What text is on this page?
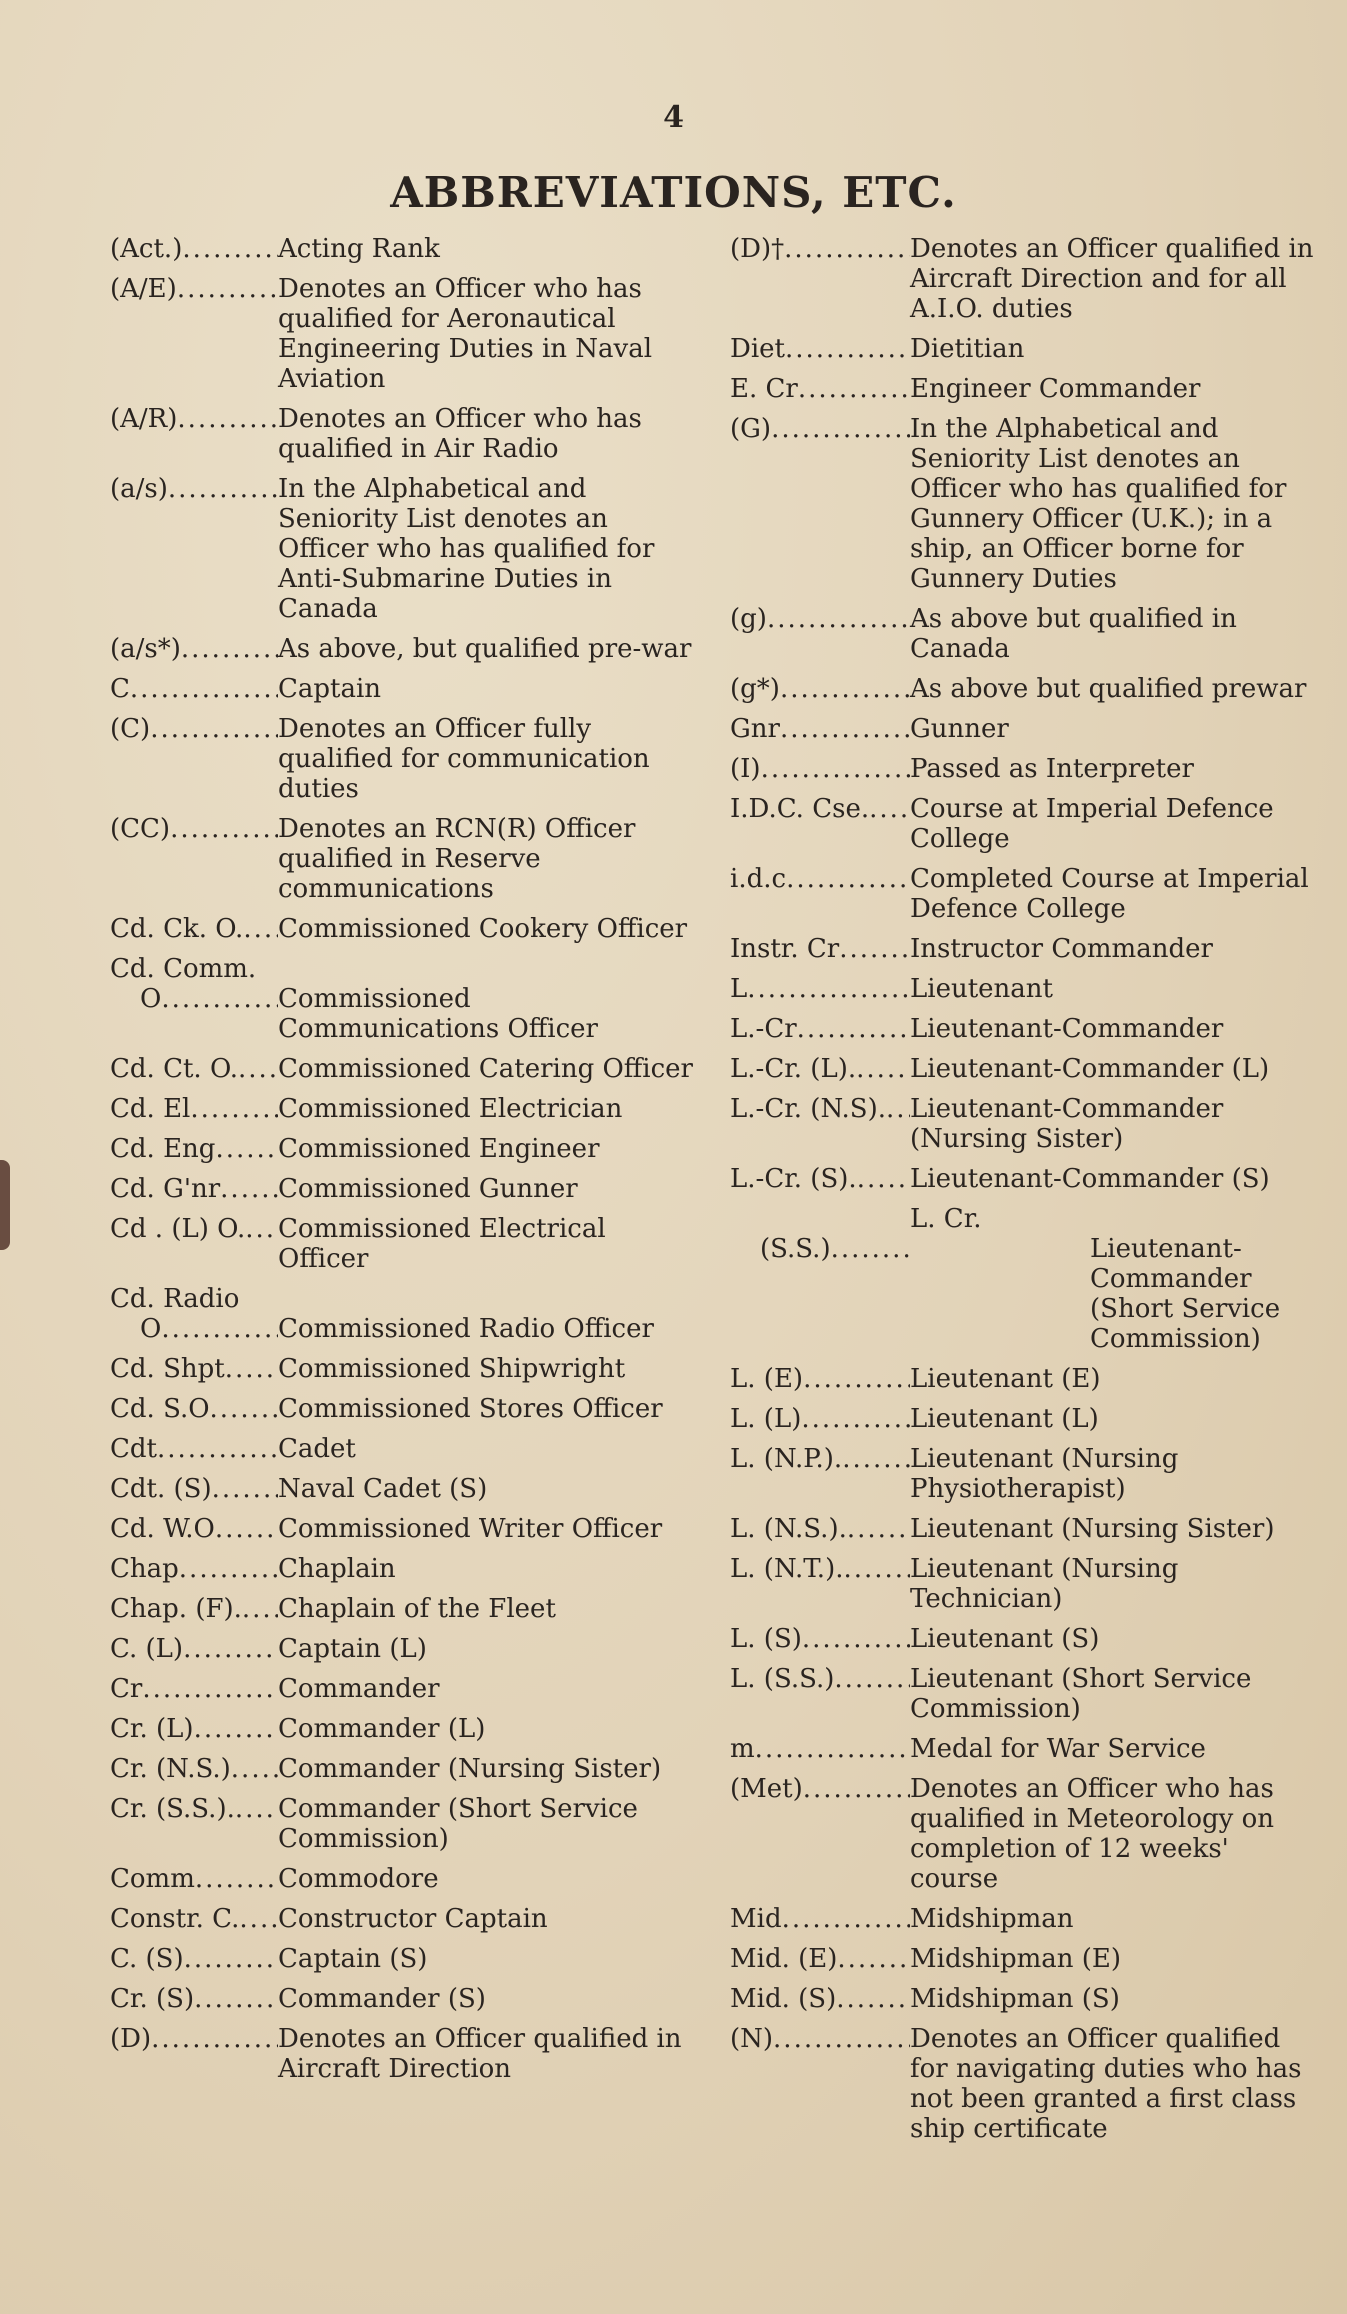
4
ABBREVIATIONS, ETC.
(Act.) .....	Acting Rank
(A/E) .....	Denotes an Officer who has qualified for Aeronautical Engineering Duties in Naval Aviation
(A/R) .....	Denotes an Officer who has qualified in Air Radio
(a/s) .....	In the Alphabetical and Seniority List denotes an Officer who has qualified for Anti-Submarine Duties in Canada
(a/s*) .....	As above, but qualified pre-war
C .....	Captain
(C) .....	Denotes an Officer fully qualified for communication duties
(CC) .....	Denotes an RCN(R) Officer qualified in Reserve communications
Cd. Ck. O. .....	Commissioned Cookery Officer
Cd. Comm.
O .....	Commissioned Communications Officer
Cd. Ct. O. .....	Commissioned Catering Officer
Cd. El .....	Commissioned Electrician
Cd. Eng .....	Commissioned Engineer
Cd. G'nr .....	Commissioned Gunner
Cd . (L) O. .....	Commissioned Electrical Officer
Cd. Radio
O .....	Commissioned Radio Officer
Cd. Shpt .....	Commissioned Shipwright
Cd. S.O .....	Commissioned Stores Officer
Cdt .....	Cadet
Cdt. (S) .....	Naval Cadet (S)
Cd. W.O .....	Commissioned Writer Officer
Chap .....	Chaplain
Chap. (F). .....	Chaplain of the Fleet
C. (L) .....	Captain (L)
Cr .....	Commander
Cr. (L) .....	Commander (L)
Cr. (N.S.) .....	Commander (Nursing Sister)
Cr. (S.S.). .....	Commander (Short Service Commission)
Comm .....	Commodore
Constr. C. .....	Constructor Captain
C. (S) .....	Captain (S)
Cr. (S) .....	Commander (S)
(D) .....	Denotes an Officer qualified in Aircraft Direction
(D)† .....	Denotes an Officer qualified in Aircraft Direction and for all A.I.O. duties
Diet .....	Dietitian
E. Cr .....	Engineer Commander
(G) .....	In the Alphabetical and Seniority List denotes an Officer who has qualified for Gunnery Officer (U.K.); in a ship, an Officer borne for Gunnery Duties
(g) .....	As above but qualified in Canada
(g*) .....	As above but qualified prewar
Gnr .....	Gunner
(I) .....	Passed as Interpreter
I.D.C. Cse. .....	Course at Imperial Defence College
i.d.c .....	Completed Course at Imperial Defence College
Instr. Cr .....	Instructor Commander
L .....	Lieutenant
L.-Cr .....	Lieutenant-Commander
L.-Cr. (L). .....	Lieutenant-Commander (L)
L.-Cr. (N.S). ..... Lieutenant-Commander (Nursing Sister)
L.-Cr. (S). .....	Lieutenant-Commander (S)
L. Cr.
(S.S.) .....	Lieutenant-Commander (Short Service Commission)
L. (E) .....	Lieutenant (E)
L. (L) .....	Lieutenant (L)
L. (N.P.). .....	Lieutenant (Nursing Physiotherapist)
L. (N.S.). .....	Lieutenant (Nursing Sister)
L. (N.T.). .....	Lieutenant (Nursing Technician)
L. (S) .....	Lieutenant (S)
L. (S.S.) .....	Lieutenant (Short Service Commission)
m .....	Medal for War Service
(Met) .....	Denotes an Officer who has qualified in Meteorology on completion of 12 weeks' course
Mid .....	Midshipman
Mid. (E) .....	Midshipman (E)
Mid. (S) .....	Midshipman (S)
(N) .....	Denotes an Officer qualified for navigating duties who has not been granted a first class ship certificate
